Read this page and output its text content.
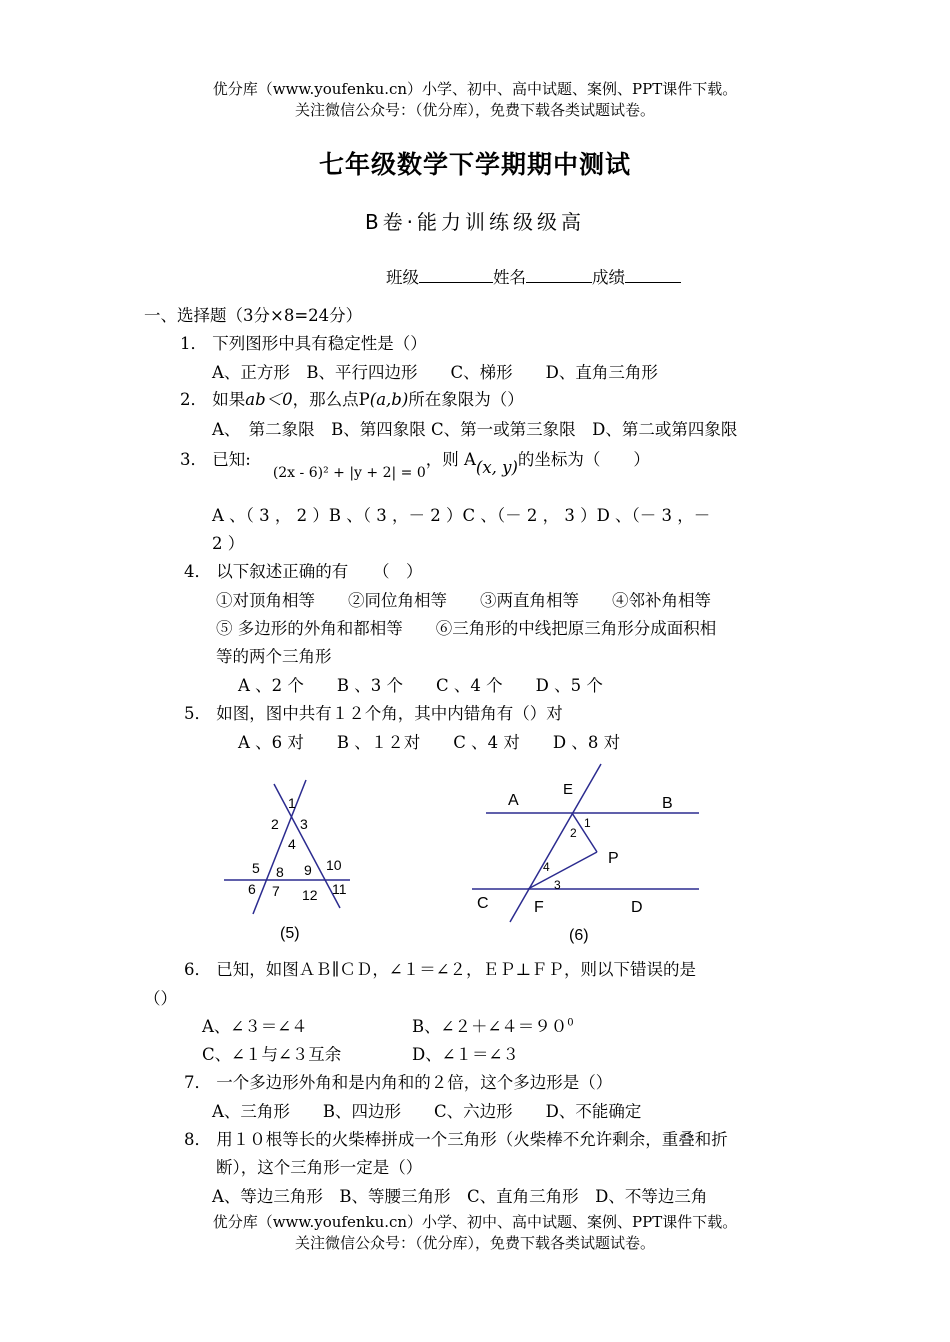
优分库（www.youfenku.cn）小学、初中、高中试题、案例、PPT课件下载。
关注微信公众号：（优分库），免费下载各类试题试卷。
七年级数学下学期期中测试
B卷·能力训练级级高
班级	姓名	成绩
一、选择题（3分×8=24分）
1． 下列图形中具有稳定性是（）
A、正方形　B、平行四边形　　C、梯形　　D、直角三角形
2． 如果ab＜0，那么点P(a,b)所在象限为（）
A、　第二象限　B、第四象限 C、第一或第三象限　D、第二或第四象限
3． 已知$:_{(2x - 6)^2 + |y + 2| = 0}$，则 A(x, y)的坐标为（　　）
A 、（ 3 ， 2 ）B 、（ 3 ，－ 2 ）C 、（－ 2 ， 3 ）D 、（－ 3 ，－
2 ）
4． 以下叙述正确的有　　（　）
①对顶角相等　　②同位角相等　　③两直角相等　　④邻补角相等
⑤ 多边形的外角和都相等　　⑥三角形的中线把原三角形分成面积相
等的两个三角形
A 、2 个　　B 、3 个　　C 、4 个　　D 、5 个
5． 如图，图中共有１２个角，其中内错角有（）对
A 、6 对　　B 、１２对　　C 、4 对　　D 、8 对
1
2 3
4
5 8 9 10
6 7 12 11
(5)
A
E
B
1
2
P
4
3
C	F	D
(6)
6． 已知，如图ＡＢ∥ＣＤ，∠１＝∠２，ＥＰ⊥ＦＰ，则以下错误的是
（）
A、∠３＝∠４	B、$\angle 2+\angle 4=90^0$
C、∠１与∠３互余	D、∠１＝∠３
7． 一个多边形外角和是内角和的２倍，这个多边形是（）
A、三角形　　B、四边形　　C、六边形　　D、不能确定
8． 用１０根等长的火柴棒拼成一个三角形（火柴棒不允许剩余，重叠和折
断），这个三角形一定是（）
A、等边三角形　B、等腰三角形　C、直角三角形　D、不等边三角
优分库（www.youfenku.cn）小学、初中、高中试题、案例、PPT课件下载。
关注微信公众号：（优分库），免费下载各类试题试卷。
